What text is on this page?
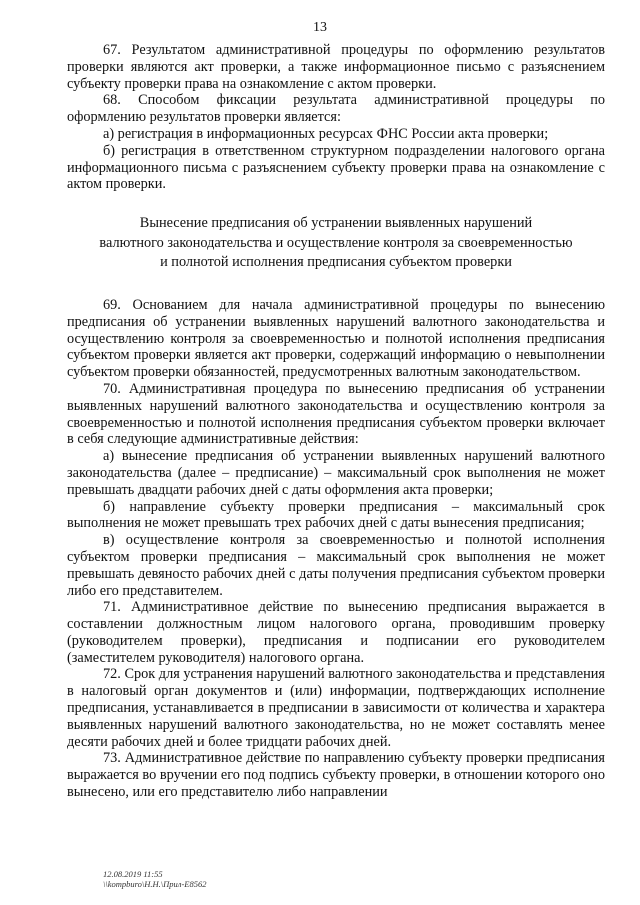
13

67. Результатом административной процедуры по оформлению результатов проверки являются акт проверки, а также информационное письмо с разъяснением субъекту проверки права на ознакомление с актом проверки.

68. Способом фиксации результата административной процедуры по оформлению результатов проверки является:

а) регистрация в информационных ресурсах ФНС России акта проверки;

б) регистрация в ответственном структурном подразделении налогового органа информационного письма с разъяснением субъекту проверки права на ознакомление с актом проверки.

Вынесение предписания об устранении выявленных нарушений
валютного законодательства и осуществление контроля за своевременностью
и полнотой исполнения предписания субъектом проверки

69. Основанием для начала административной процедуры по вынесению предписания об устранении выявленных нарушений валютного законодательства и осуществлению контроля за своевременностью и полнотой исполнения предписания субъектом проверки является акт проверки, содержащий информацию о невыполнении субъектом проверки обязанностей, предусмотренных валютным законодательством.

70. Административная процедура по вынесению предписания об устранении выявленных нарушений валютного законодательства и осуществлению контроля за своевременностью и полнотой исполнения предписания субъектом проверки включает в себя следующие административные действия:

а) вынесение предписания об устранении выявленных нарушений валютного законодательства (далее – предписание) – максимальный срок выполнения не может превышать двадцати рабочих дней с даты оформления акта проверки;

б) направление субъекту проверки предписания – максимальный срок выполнения не может превышать трех рабочих дней с даты вынесения предписания;

в) осуществление контроля за своевременностью и полнотой исполнения субъектом проверки предписания – максимальный срок выполнения не может превышать девяносто рабочих дней с даты получения предписания субъектом проверки либо его представителем.

71. Административное действие по вынесению предписания выражается в составлении должностным лицом налогового органа, проводившим проверку (руководителем проверки), предписания и подписании его руководителем (заместителем руководителя) налогового органа.

72. Срок для устранения нарушений валютного законодательства и представления в налоговый орган документов и (или) информации, подтверждающих исполнение предписания, устанавливается в предписании в зависимости от количества и характера выявленных нарушений валютного законодательства, но не может составлять менее десяти рабочих дней и более тридцати рабочих дней.

73. Административное действие по направлению субъекту проверки предписания выражается во вручении его под подпись субъекту проверки, в отношении которого оно вынесено, или его представителю либо направлении

12.08.2019 11:55
\\kompburo\Н.Н.\Прил-Е8562
